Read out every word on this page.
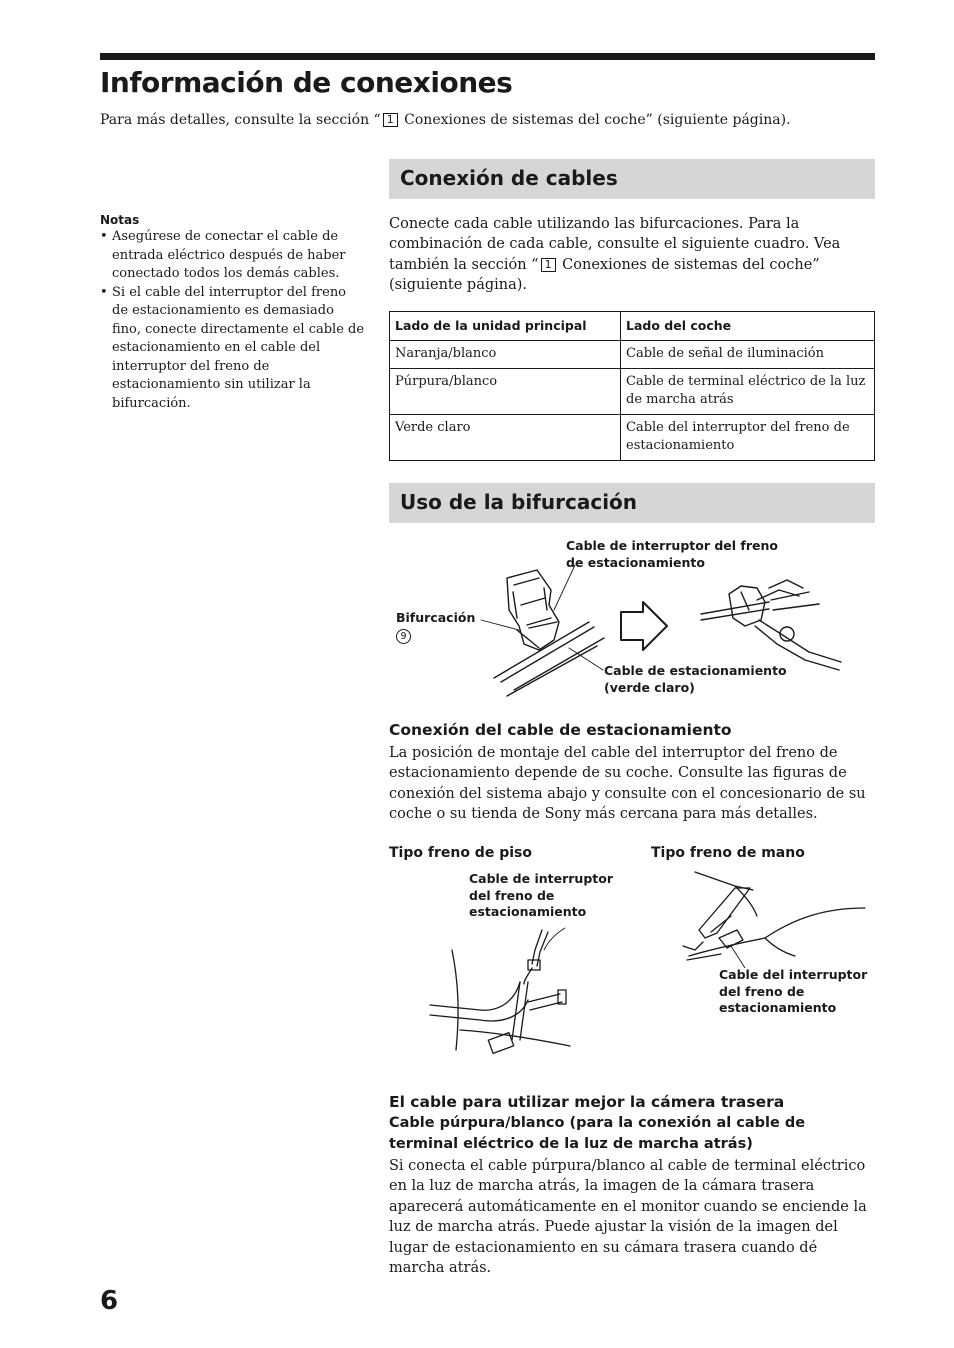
Información de conexiones
Para más detalles, consulte la sección “ 1 Conexiones de sistemas del coche” (siguiente página).
Notas
• Asegúrese de conectar el cable de entrada eléctrico después de haber conectado todos los demás cables.
• Si el cable del interruptor del freno de estacionamiento es demasiado fino, conecte directamente el cable de estacionamiento en el cable del interruptor del freno de estacionamiento sin utilizar la bifurcación.
Conexión de cables
Conecte cada cable utilizando las bifurcaciones. Para la combinación de cada cable, consulte el siguiente cuadro. Vea también la sección “ 1 Conexiones de sistemas del coche” (siguiente página).
Lado de la unidad principal	Lado del coche
Naranja/blanco	Cable de señal de iluminación
Púrpura/blanco	Cable de terminal eléctrico de la luz de marcha atrás
Verde claro	Cable del interruptor del freno de estacionamiento
Uso de la bifurcación
Cable de interruptor del freno
de estacionamiento
Bifurcación
9
Cable de estacionamiento
(verde claro)
Conexión del cable de estacionamiento
La posición de montaje del cable del interruptor del freno de estacionamiento depende de su coche. Consulte las figuras de conexión del sistema abajo y consulte con el concesionario de su coche o su tienda de Sony más cercana para más detalles.
Tipo freno de piso	Tipo freno de mano
Cable de interruptor
del freno de
estacionamiento
Cable del interruptor
del freno de
estacionamiento
El cable para utilizar mejor la cámera trasera
Cable púrpura/blanco (para la conexión al cable de terminal eléctrico de la luz de marcha atrás)
Si conecta el cable púrpura/blanco al cable de terminal eléctrico en la luz de marcha atrás, la imagen de la cámara trasera aparecerá automáticamente en el monitor cuando se enciende la luz de marcha atrás. Puede ajustar la visión de la imagen del lugar de estacionamiento en su cámara trasera cuando dé marcha atrás.
6
